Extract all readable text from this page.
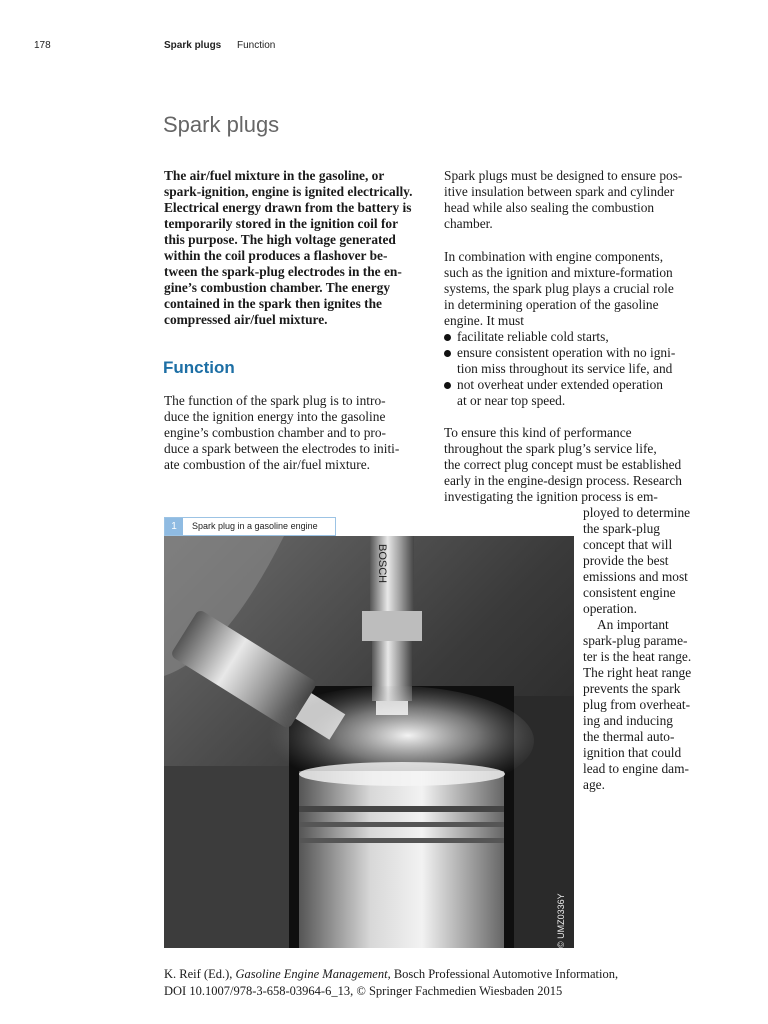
178	Spark plugs Function
Spark plugs

The air/fuel mixture in the gasoline, or
spark-ignition, engine is ignited electrically.
Electrical energy drawn from the battery is
temporarily stored in the ignition coil for
this purpose. The high voltage generated
within the coil produces a flashover be-
tween the spark-plug electrodes in the en-
gine’s combustion chamber. The energy
contained in the spark then ignites the
compressed air/fuel mixture.

Function

The function of the spark plug is to intro-
duce the ignition energy into the gasoline
engine’s combustion chamber and to pro-
duce a spark between the electrodes to initi-
ate combustion of the air/fuel mixture.

Spark plugs must be designed to ensure pos-
itive insulation between spark and cylinder
head while also sealing the combustion
chamber.

In combination with engine components,
such as the ignition and mixture-formation
systems, the spark plug plays a crucial role
in determining operation of the gasoline
engine. It must

facilitate reliable cold starts,
ensure consistent operation with no igni-
tion miss throughout its service life, and
not overheat under extended operation
at or near top speed.

To ensure this kind of performance
throughout the spark plug’s service life,
the correct plug concept must be established
early in the engine-design process. Research
investigating the ignition process is em-

ployed to determine
the spark-plug
concept that will
provide the best
emissions and most
consistent engine
operation.

An important
spark-plug parame-
ter is the heat range.
The right heat range
prevents the spark
plug from overheat-
ing and inducing
the thermal auto-
ignition that could
lead to engine dam-
age.

1	Spark plug in a gasoline engine
BOSCH
© UMZ0336Y
K. Reif (Ed.), Gasoline Engine Management, Bosch Professional Automotive Information,
DOI 10.1007/978-3-658-03964-6_13, © Springer Fachmedien Wiesbaden 2015
